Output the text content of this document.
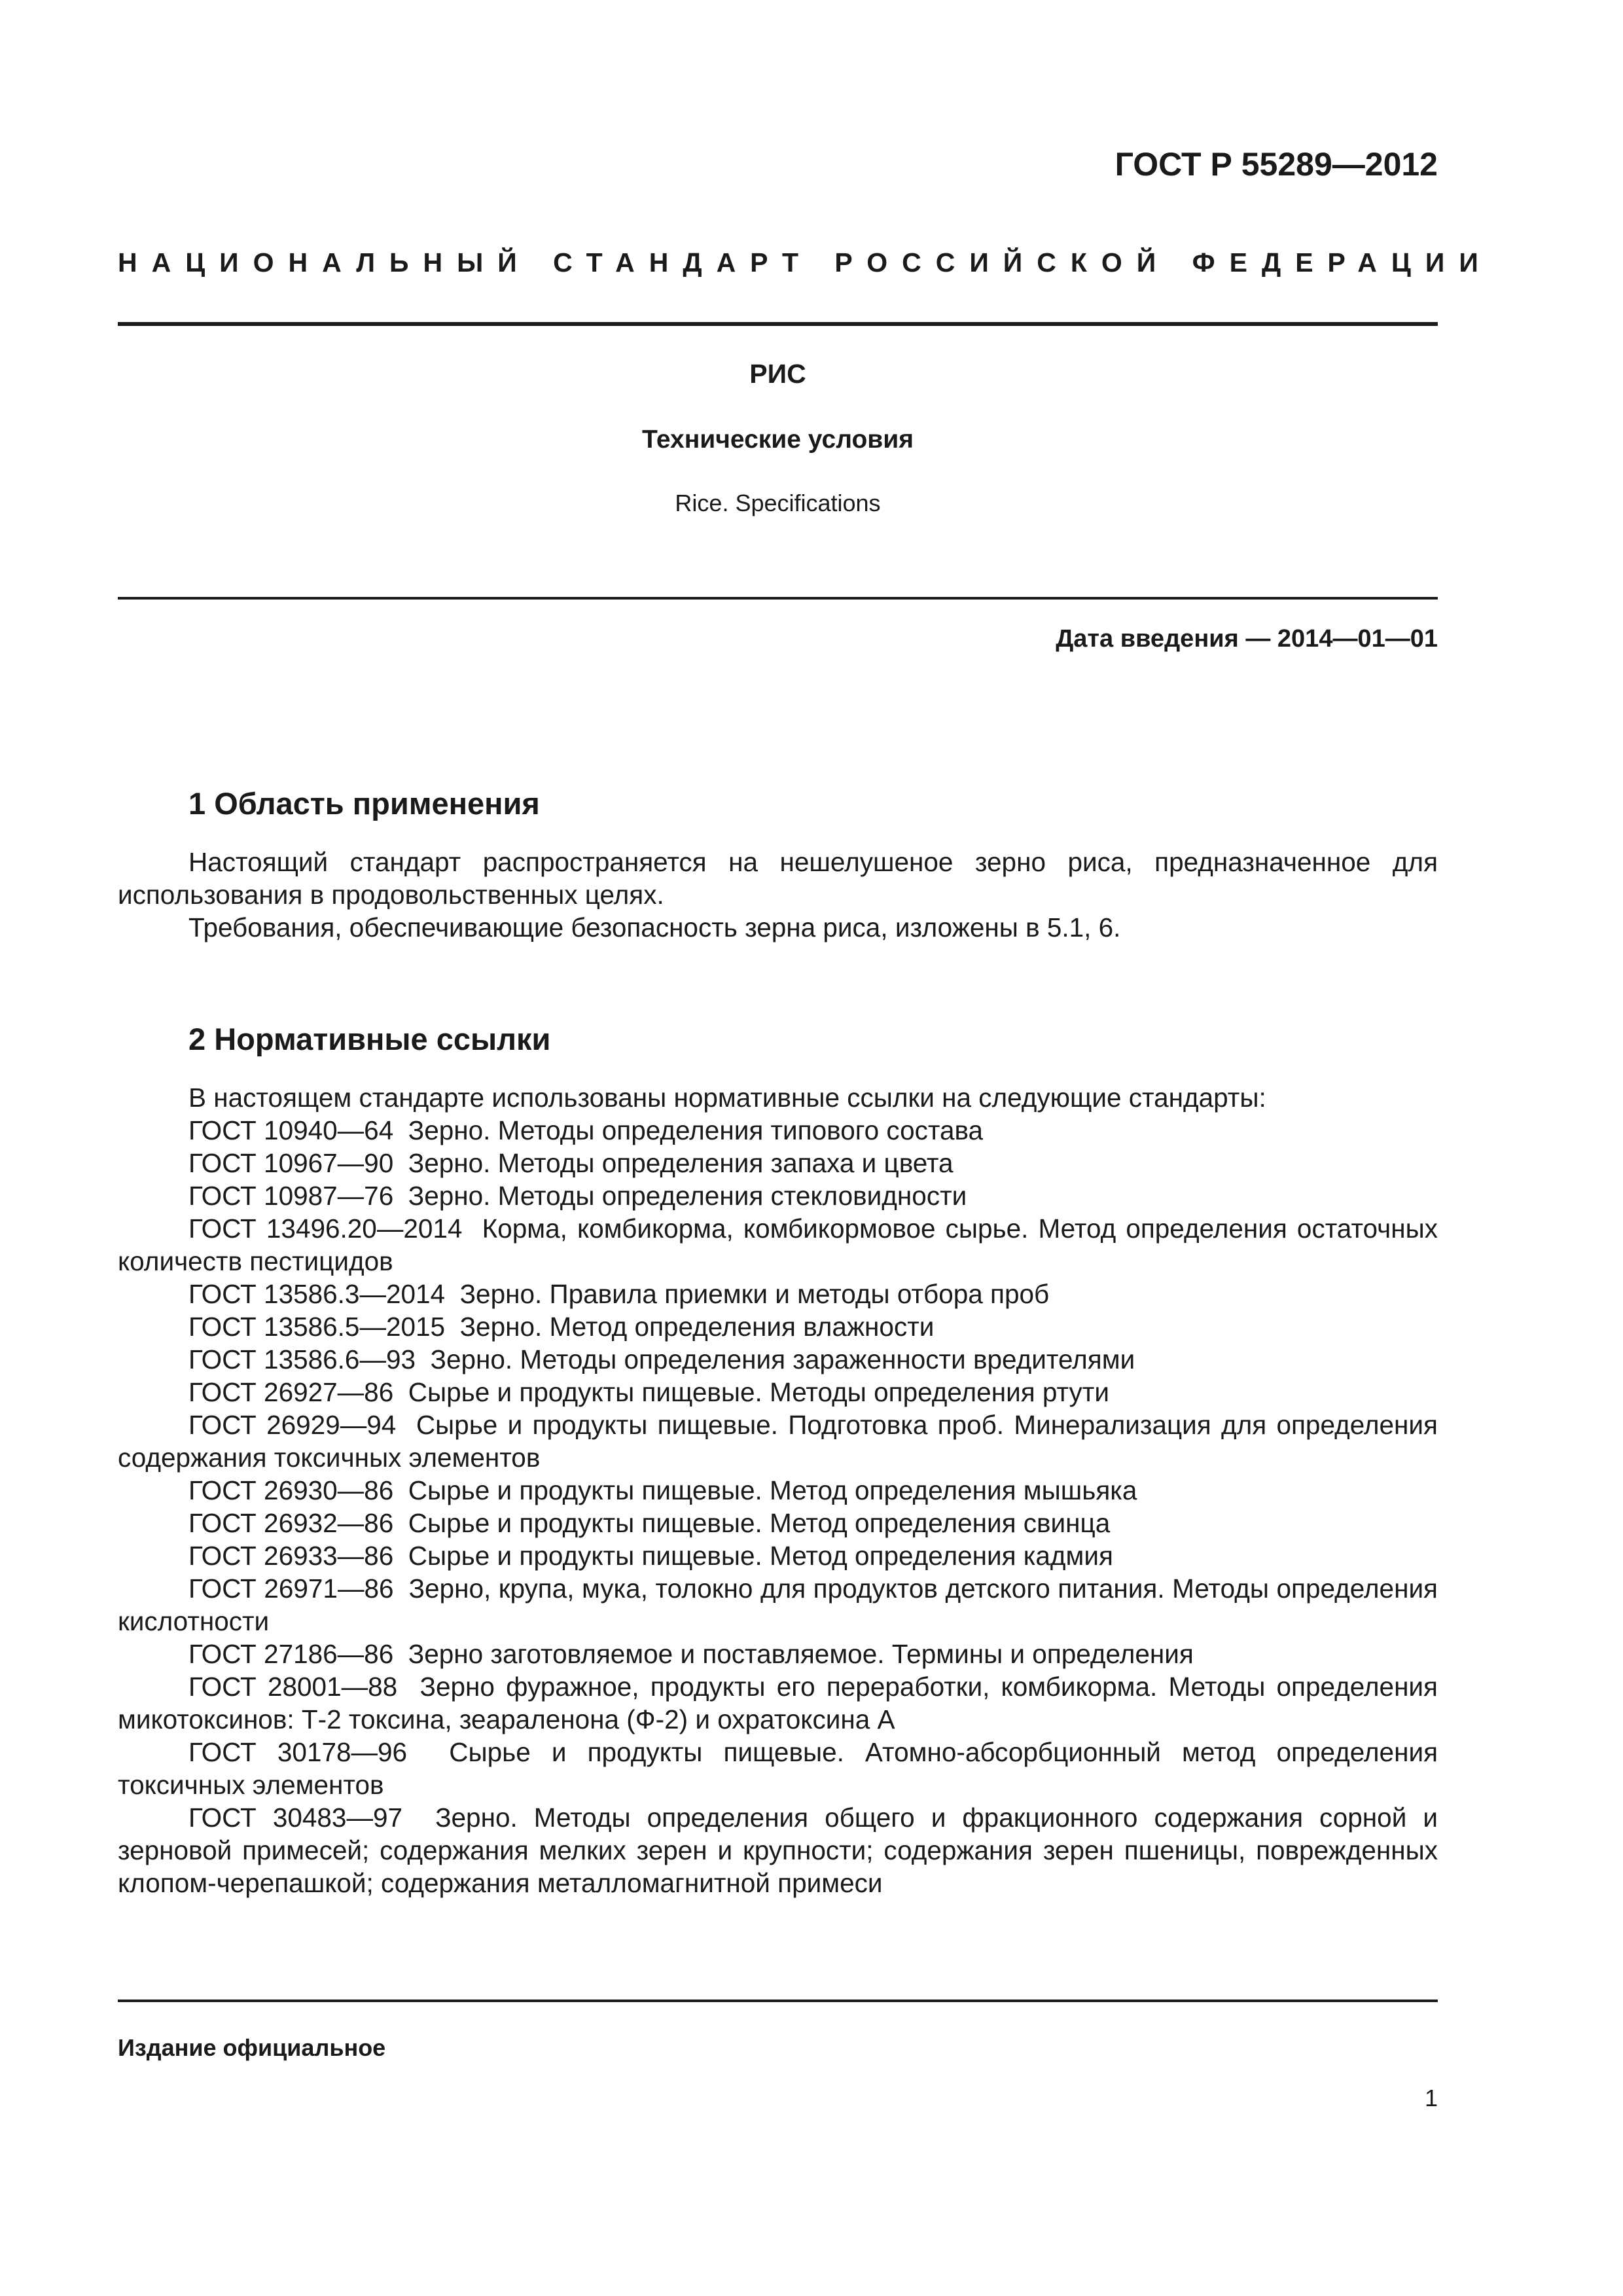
ГОСТ Р 55289—2012
НАЦИОНАЛЬНЫЙ СТАНДАРТ РОССИЙСКОЙ ФЕДЕРАЦИИ
РИС
Технические условия
Rice. Specifications
Дата введения — 2014—01—01
1 Область применения

Настоящий стандарт распространяется на нешелушеное зерно риса, предназначенное для использования в продовольственных целях.

Требования, обеспечивающие безопасность зерна риса, изложены в 5.1, 6.

2 Нормативные ссылки

В настоящем стандарте использованы нормативные ссылки на следующие стандарты:

ГОСТ 10940—64 Зерно. Методы определения типового состава

ГОСТ 10967—90 Зерно. Методы определения запаха и цвета

ГОСТ 10987—76 Зерно. Методы определения стекловидности

ГОСТ 13496.20—2014 Корма, комбикорма, комбикормовое сырье. Метод определения остаточных количеств пестицидов

ГОСТ 13586.3—2014 Зерно. Правила приемки и методы отбора проб

ГОСТ 13586.5—2015 Зерно. Метод определения влажности

ГОСТ 13586.6—93 Зерно. Методы определения зараженности вредителями

ГОСТ 26927—86 Сырье и продукты пищевые. Методы определения ртути

ГОСТ 26929—94 Сырье и продукты пищевые. Подготовка проб. Минерализация для определения содержания токсичных элементов

ГОСТ 26930—86 Сырье и продукты пищевые. Метод определения мышьяка

ГОСТ 26932—86 Сырье и продукты пищевые. Метод определения свинца

ГОСТ 26933—86 Сырье и продукты пищевые. Метод определения кадмия

ГОСТ 26971—86 Зерно, крупа, мука, толокно для продуктов детского питания. Методы определения кислотности

ГОСТ 27186—86 Зерно заготовляемое и поставляемое. Термины и определения

ГОСТ 28001—88 Зерно фуражное, продукты его переработки, комбикорма. Методы определения микотоксинов: Т-2 токсина, зеараленона (Ф-2) и охратоксина А

ГОСТ 30178—96 Сырье и продукты пищевые. Атомно-абсорбционный метод определения токсичных элементов

ГОСТ 30483—97 Зерно. Методы определения общего и фракционного содержания сорной и зерновой примесей; содержания мелких зерен и крупности; содержания зерен пшеницы, поврежденных клопом-черепашкой; содержания металломагнитной примеси

Издание официальное
1
